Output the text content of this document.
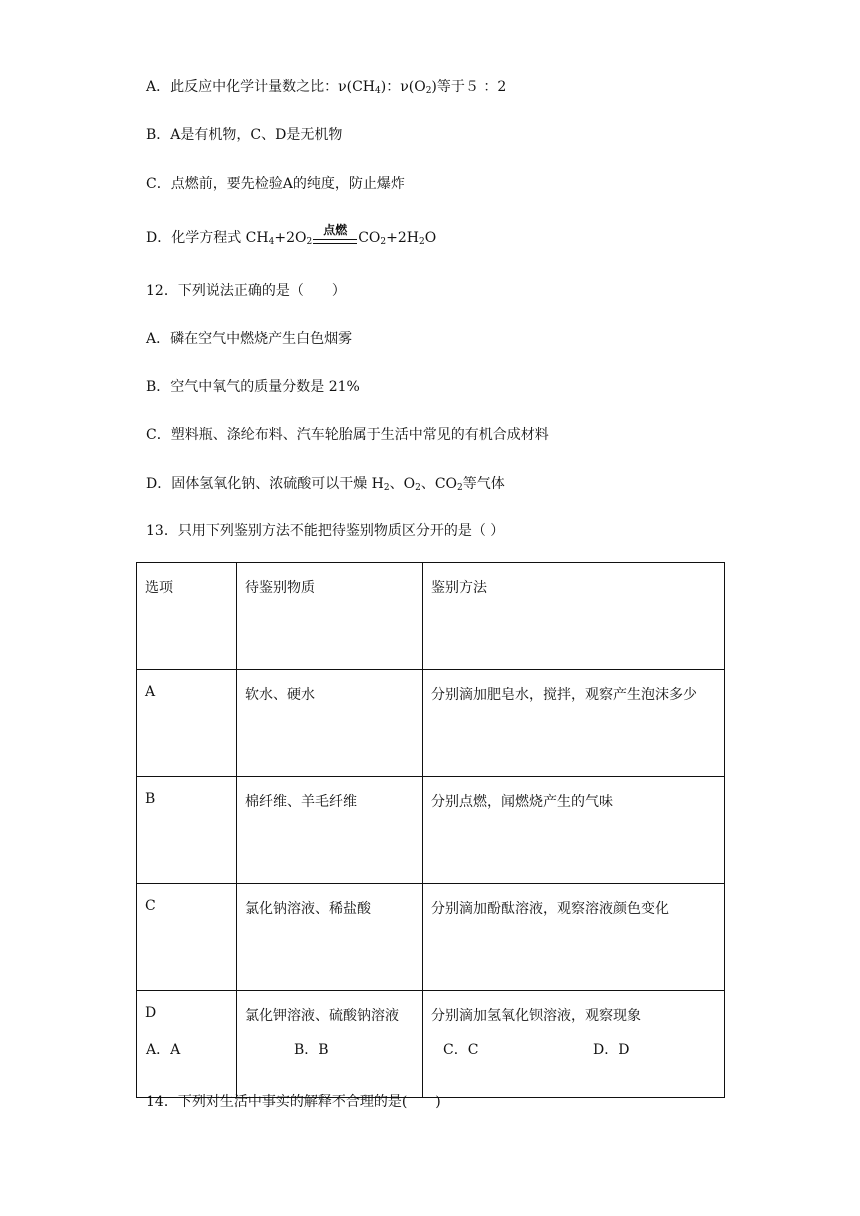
A．此反应中化学计量数之比：$\nu(CH_4)$：$\nu(O_2)$等于５ ：2
B．A是有机物，C、D是无机物
C．点燃前，要先检验A的纯度，防止爆炸
D．化学方程式 $CH_4+2O_2$
点燃 $CO_2+2H_2O$
12．下列说法正确的是（　　）
A．磷在空气中燃烧产生白色烟雾
B．空气中氧气的质量分数是 21%
C．塑料瓶、涤纶布料、汽车轮胎属于生活中常见的有机合成材料
D．固体氢氧化钠、浓硫酸可以干燥 $H_2$、$O_2$、$CO_2$等气体
13．只用下列鉴别方法不能把待鉴别物质区分开的是（ ）
选项	待鉴别物质	鉴别方法
A	软水、硬水	分别滴加肥皂水，搅拌，观察产生泡沫多少
B	棉纤维、羊毛纤维	分别点燃，闻燃烧产生的气味
C	氯化钠溶液、稀盐酸	分别滴加酚酞溶液，观察溶液颜色变化
D	氯化钾溶液、硫酸钠溶液	分别滴加氢氧化钡溶液，观察现象
A．A	B．B	C．C	D．D
14．下列对生活中事实的解释不合理的是(　　)
